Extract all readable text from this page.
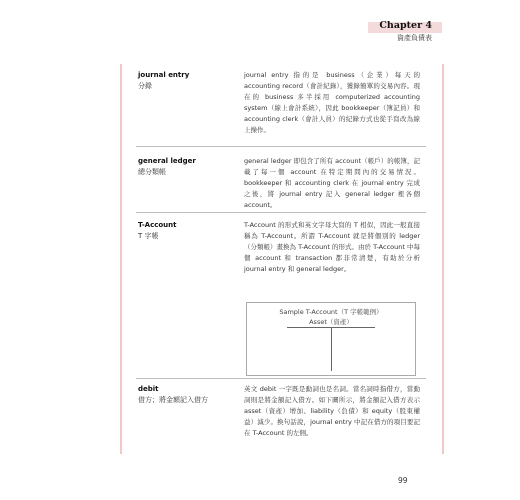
Chapter 4
資產負債表
journal entry
分錄
journal entry 指的是 business（企業）每天的 accounting record（會計紀錄），獲錄簡單的交易內容。現在的 business 多半採用 computerized accounting system（線上會計系統），因此 bookkeeper（簿記員）和 accounting clerk（會計人員）的紀錄方式也從手寫改為線上操作。
general ledger
總分類帳
general ledger 即包含了所有 account（帳戶）的帳簿，記載了每一個 account 在特定期間內的交易情況。bookkeeper 和 accounting clerk 在 journal entry 完成之後，將 journal entry 記入 general ledger 裡各個 account。
T-Account
T 字帳
T-Account 的形式和英文字母大寫的 T 相似，因此一般直接稱為 T-Account。所謂 T-Account 就是將個別的 ledger（分類帳）畫換為 T-Account 的形式。由於 T-Account 中每個 account 和 transaction 都非常清楚，有助於分析 journal entry 和 general ledger。
Sample T-Account（T 字帳範例）
Asset（資產）
debit
借方；將金額記入借方
英文 debit 一字既是動詞也是名詞。當名詞時指借方，當動詞則是將金額記入借方。如下圖所示，將金額記入借方表示 asset（資產）增加、liability（負債）和 equity（股東權益）減少。換句話說，journal entry 中記在借方的項目要記在 T-Account 的左側。
99
